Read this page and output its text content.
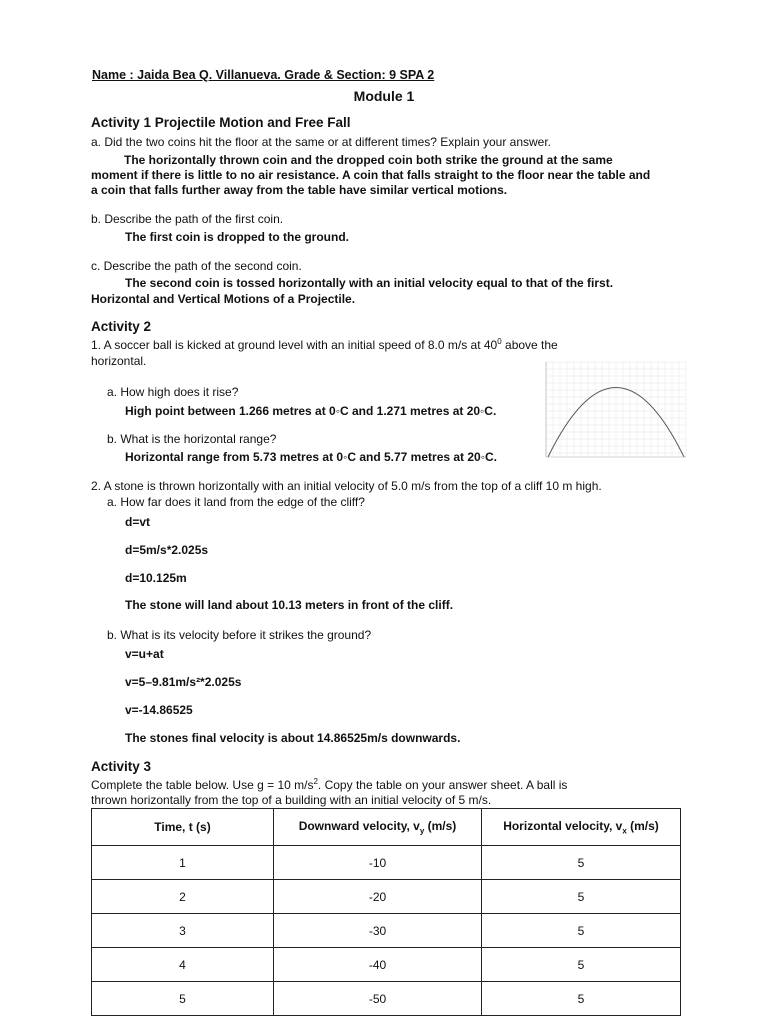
Name : Jaida Bea Q. Villanueva. Grade & Section: 9 SPA 2
Module 1
Activity 1 Projectile Motion and Free Fall
a. Did the two coins hit the floor at the same or at different times? Explain your answer.
The horizontally thrown coin and the dropped coin both strike the ground at the same moment if there is little to no air resistance. A coin that falls straight to the floor near the table and a coin that falls further away from the table have similar vertical motions.
b. Describe the path of the first coin.
The first coin is dropped to the ground.
c. Describe the path of the second coin.
The second coin is tossed horizontally with an initial velocity equal to that of the first.
Horizontal and Vertical Motions of a Projectile.
Activity 2
1. A soccer ball is kicked at ground level with an initial speed of 8.0 m/s at $40^0$ above the
horizontal.
a. How high does it rise?
High point between 1.266 metres at 0◦C and 1.271 metres at 20◦C.
b. What is the horizontal range?
Horizontal range from 5.73 metres at 0◦C and 5.77 metres at 20◦C.
2. A stone is thrown horizontally with an initial velocity of 5.0 m/s from the top of a cliff 10 m high.
a. How far does it land from the edge of the cliff?
d=vt
d=5m/s*2.025s
d=10.125m
The stone will land about 10.13 meters in front of the cliff.
b. What is its velocity before it strikes the ground?
v=u+at
v=5–9.81m/s²*2.025s
v=-14.86525
The stones final velocity is about 14.86525m/s downwards.
Activity 3
Complete the table below. Use g = 10 $m/s^2$. Copy the table on your answer sheet. A ball is
thrown horizontally from the top of a building with an initial velocity of 5 m/s.
Time, t (s)	Downward velocity, $v_y$ (m/s)	Horizontal velocity, $v_x$ (m/s)
1	-10	5
2	-20	5
3	-30	5
4	-40	5
5	-50	5
